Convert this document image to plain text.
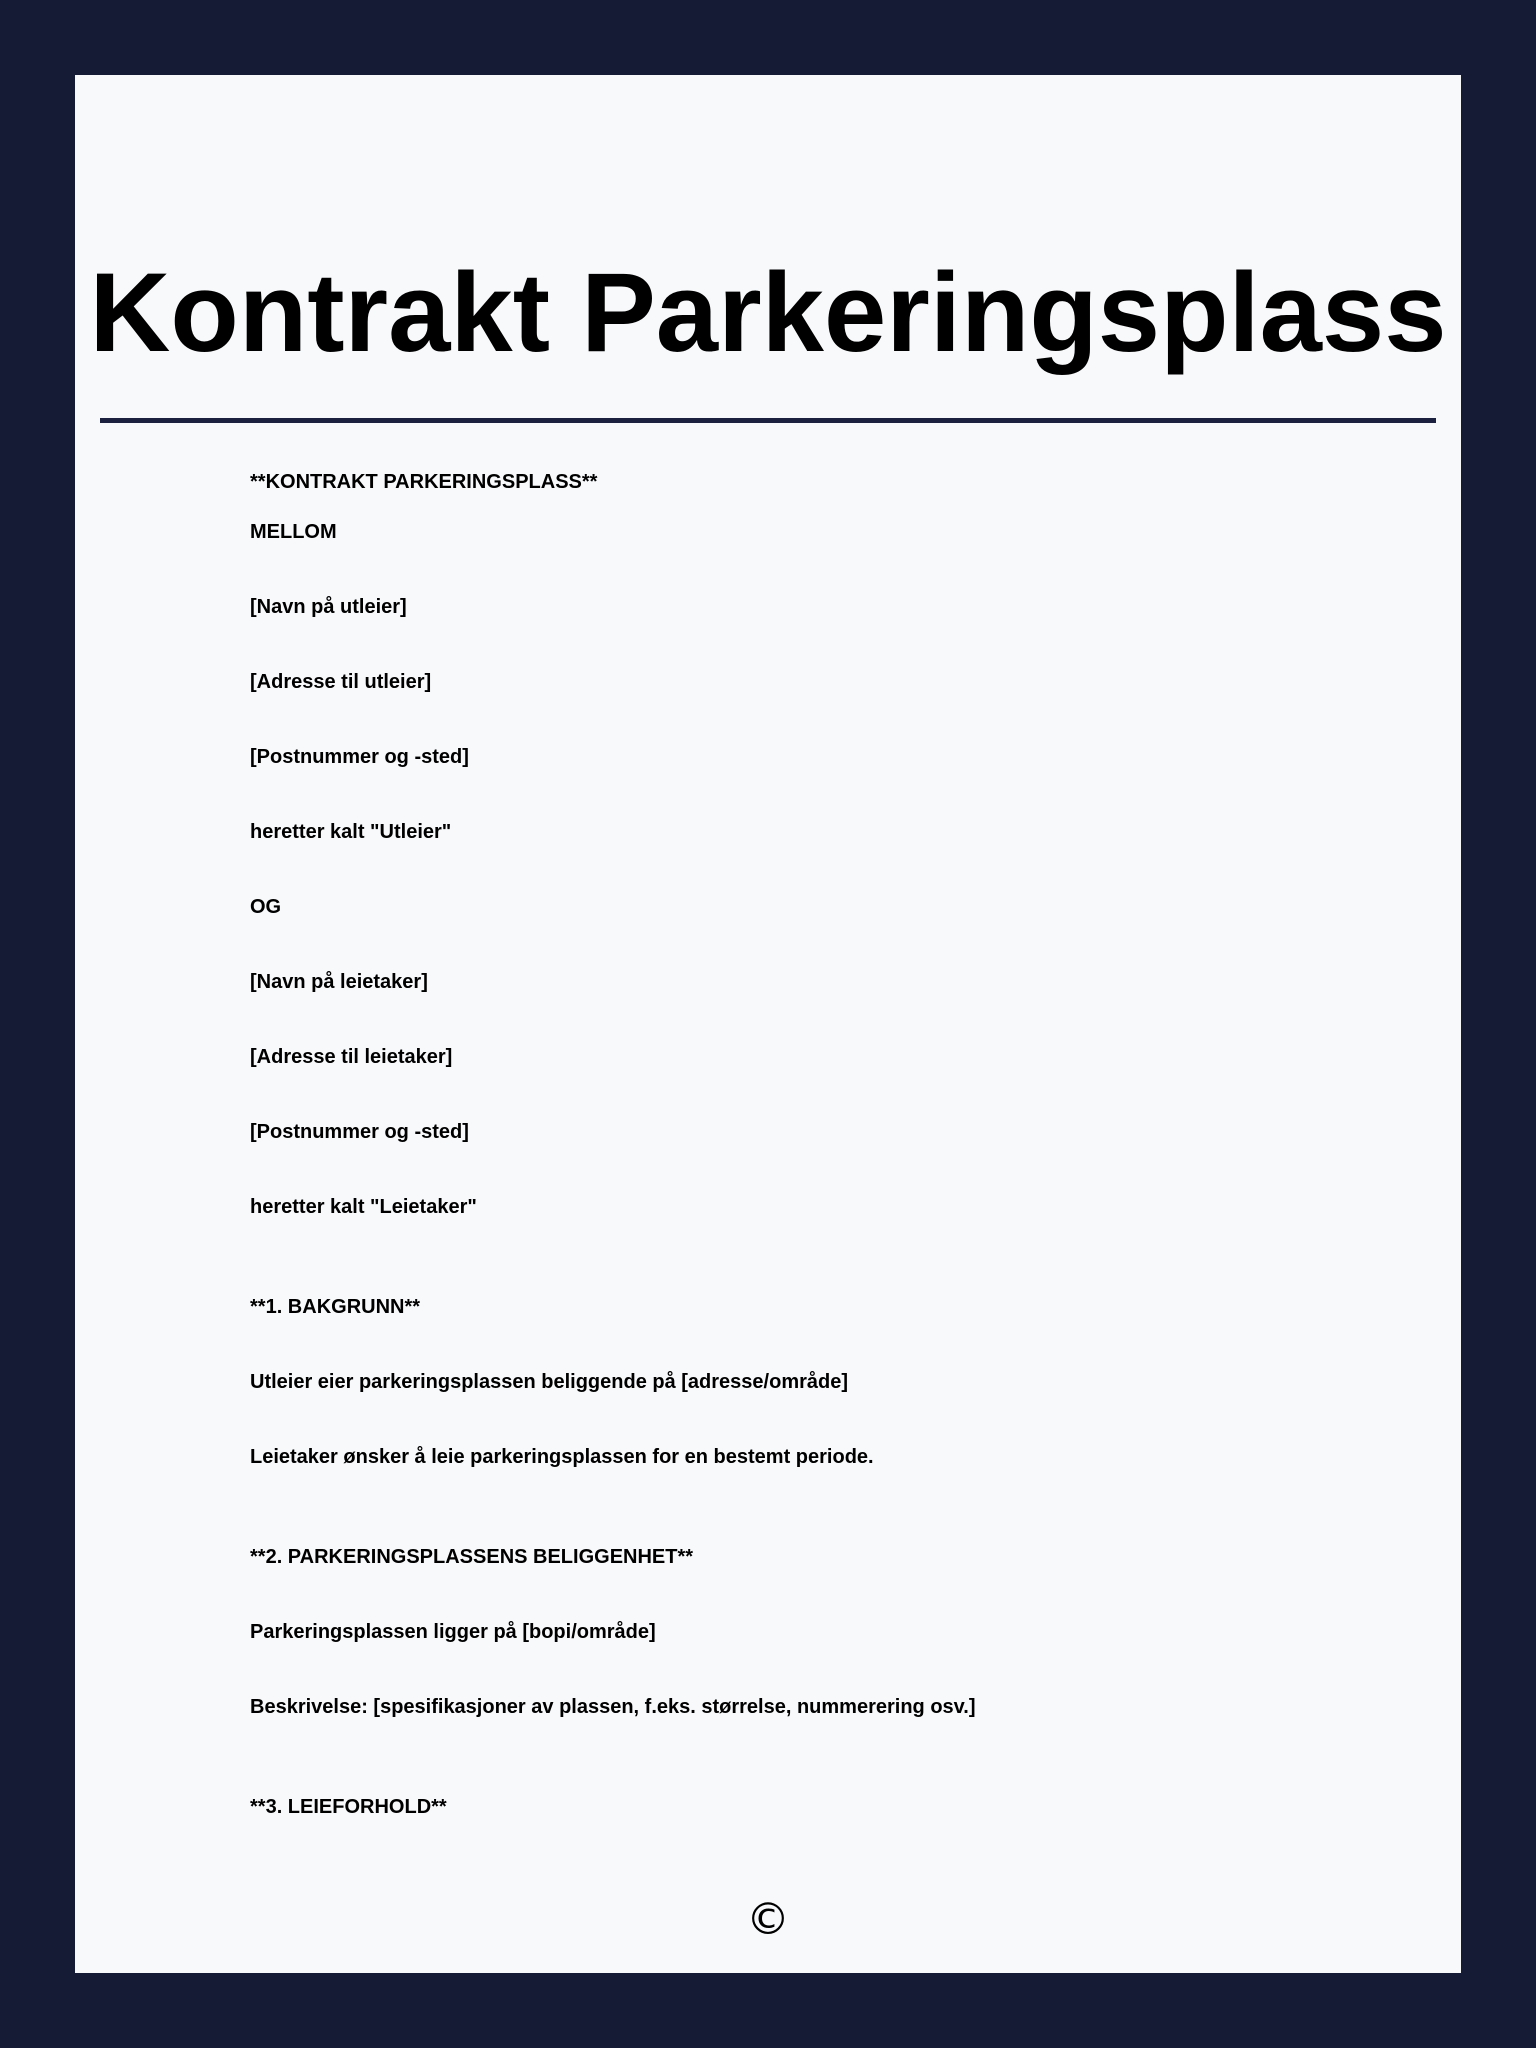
Kontrakt Parkeringsplass
**KONTRAKT PARKERINGSPLASS**
MELLOM
[Navn på utleier]
[Adresse til utleier]
[Postnummer og -sted]
heretter kalt "Utleier"
OG
[Navn på leietaker]
[Adresse til leietaker]
[Postnummer og -sted]
heretter kalt "Leietaker"
**1. BAKGRUNN**
Utleier eier parkeringsplassen beliggende på [adresse/område]
Leietaker ønsker å leie parkeringsplassen for en bestemt periode.
**2. PARKERINGSPLASSENS BELIGGENHET**
Parkeringsplassen ligger på [bopi/område]
Beskrivelse: [spesifikasjoner av plassen, f.eks. størrelse, nummerering osv.]
**3. LEIEFORHOLD**
©
